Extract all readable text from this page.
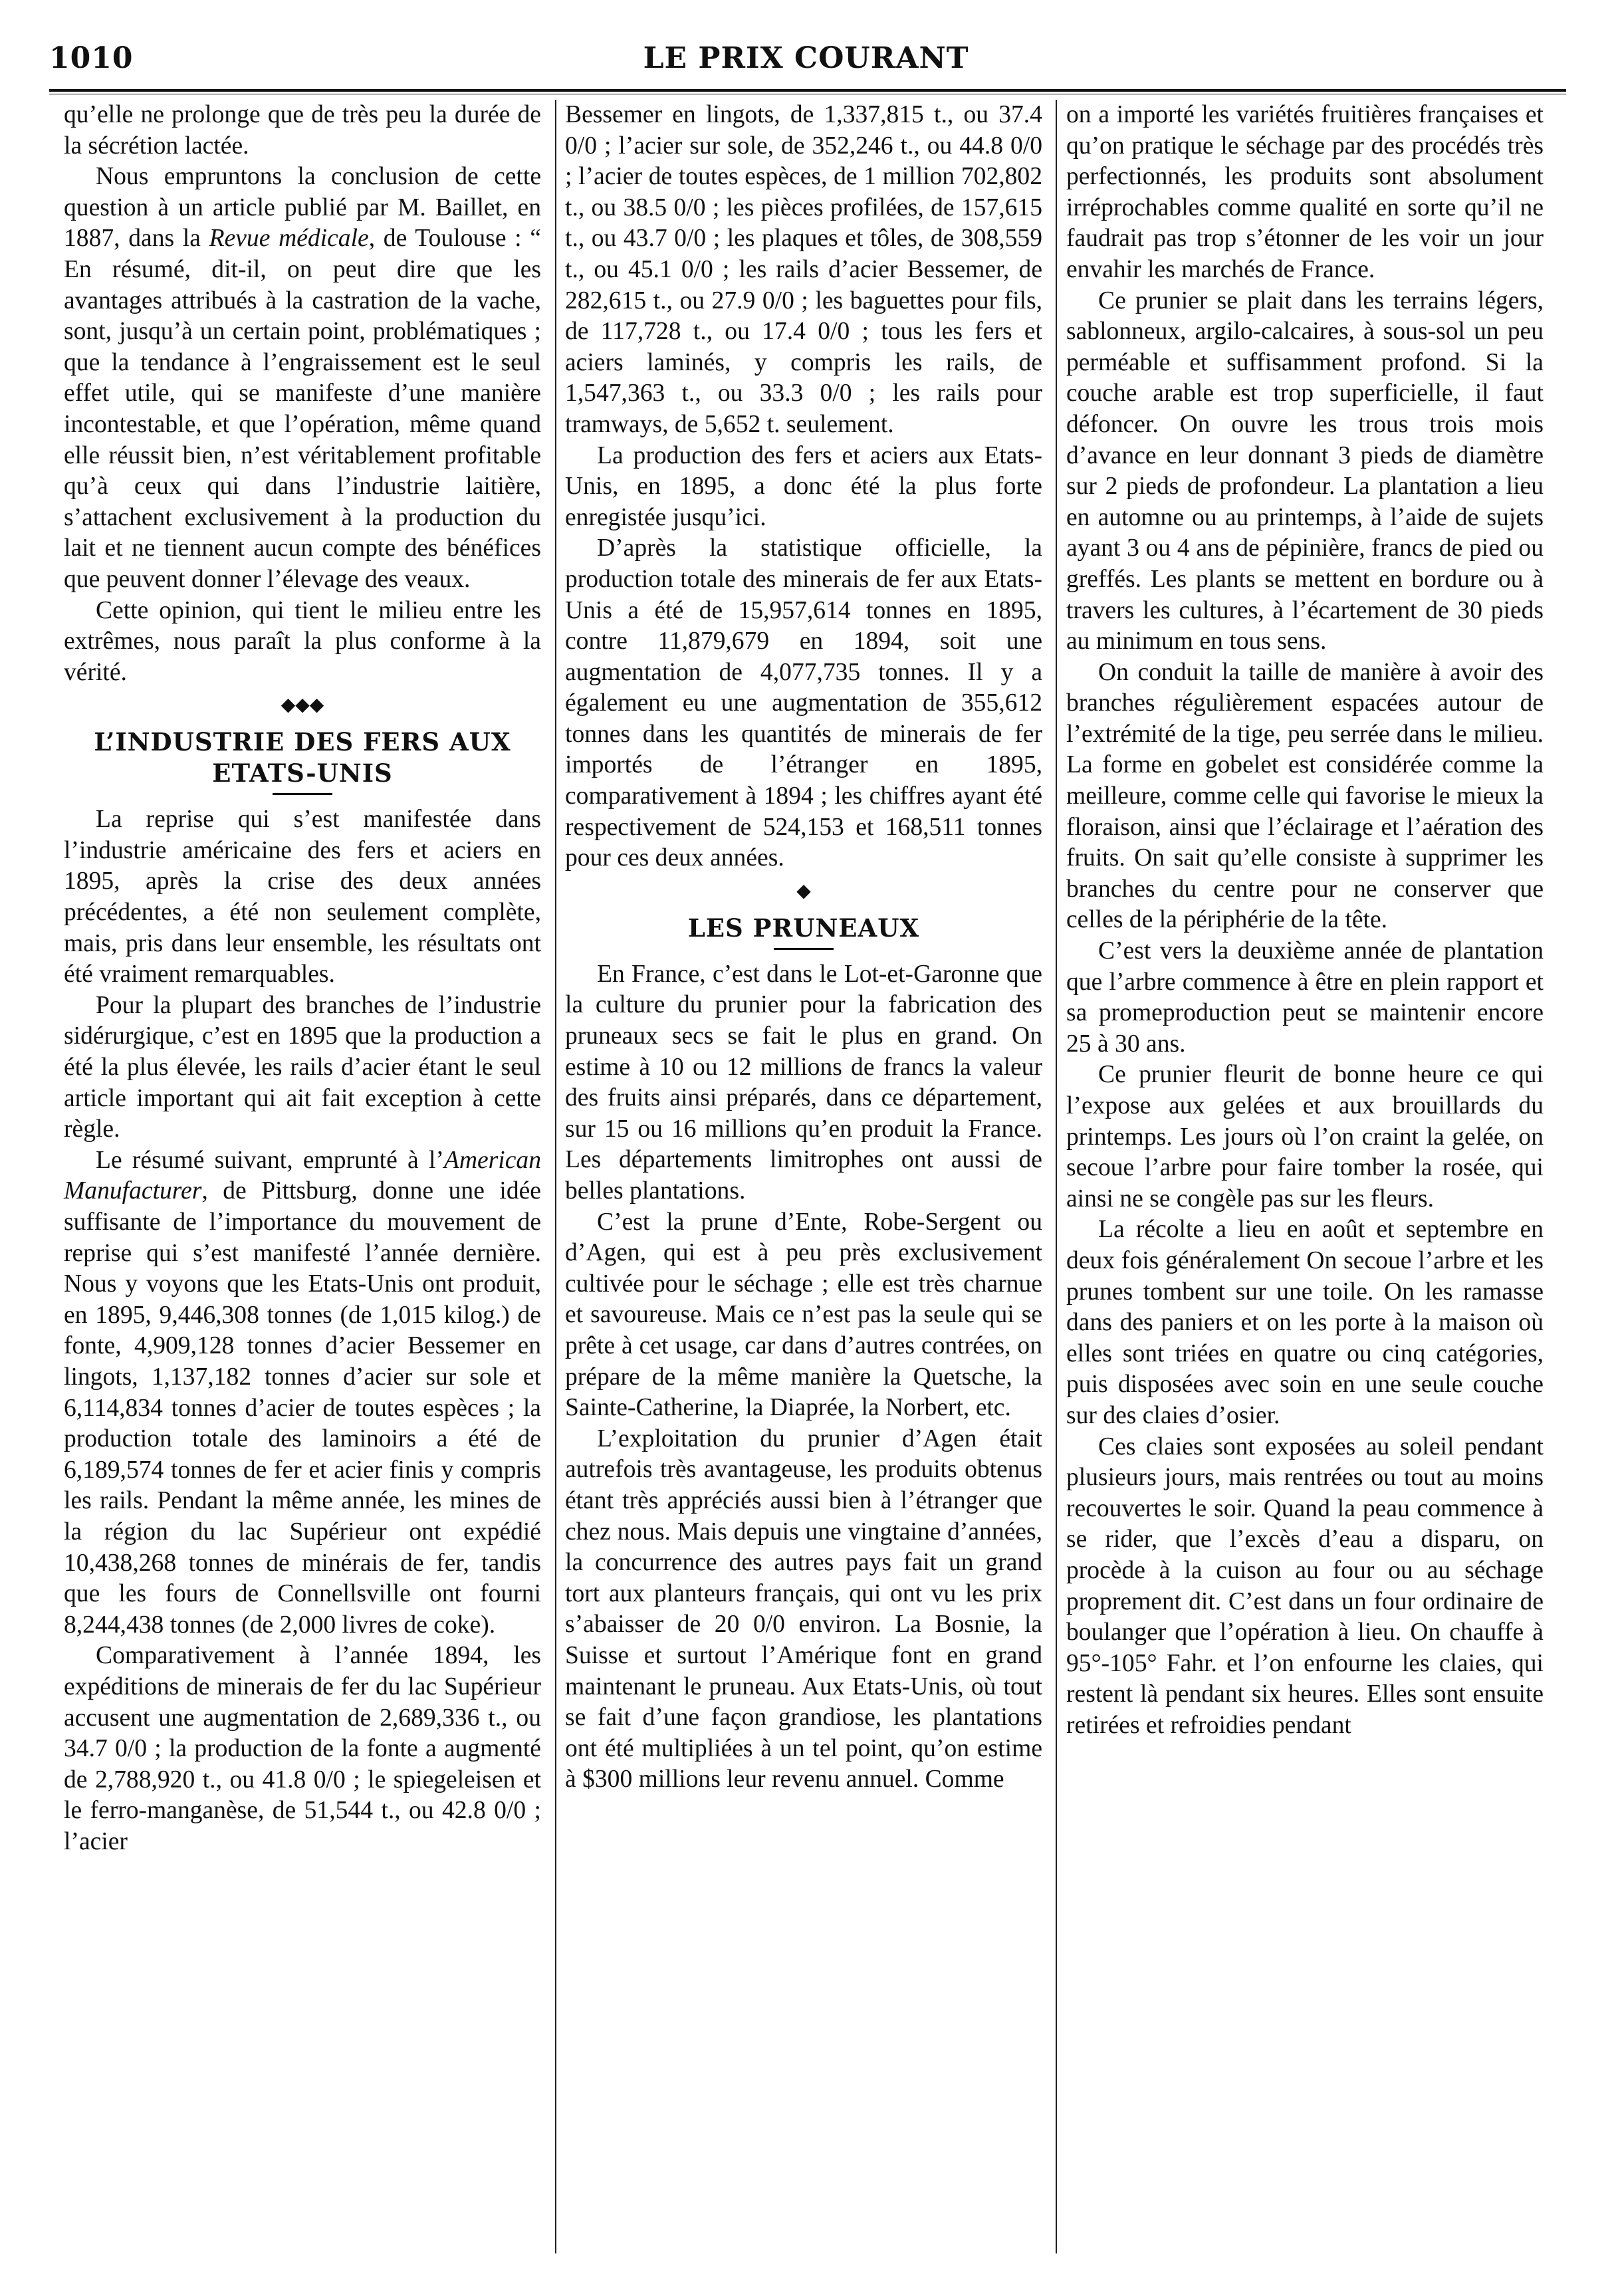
1010	LE PRIX COURANT

qu’elle ne prolonge que de très peu la durée de la sécrétion lactée.

Nous empruntons la conclusion de cette question à un article publié par M. Baillet, en 1887, dans la Revue médicale, de Toulouse : “ En résumé, dit-il, on peut dire que les avantages attribués à la castration de la vache, sont, jusqu’à un certain point, problématiques ; que la tendance à l’engraissement est le seul effet utile, qui se manifeste d’une manière incontestable, et que l’opération, même quand elle réussit bien, n’est véritablement profitable qu’à ceux qui dans l’industrie laitière, s’attachent exclusivement à la production du lait et ne tiennent aucun compte des bénéfices que peuvent donner l’élevage des veaux.

Cette opinion, qui tient le milieu entre les extrêmes, nous paraît la plus conforme à la vérité.

◆◆◆
L’INDUSTRIE DES FERS AUX ETATS-UNIS

La reprise qui s’est manifestée dans l’industrie américaine des fers et aciers en 1895, après la crise des deux années précédentes, a été non seulement complète, mais, pris dans leur ensemble, les résultats ont été vraiment remarquables.

Pour la plupart des branches de l’industrie sidérurgique, c’est en 1895 que la production a été la plus élevée, les rails d’acier étant le seul article important qui ait fait exception à cette règle.

Le résumé suivant, emprunté à l’American Manufacturer, de Pittsburg, donne une idée suffisante de l’importance du mouvement de reprise qui s’est manifesté l’année dernière. Nous y voyons que les Etats-Unis ont produit, en 1895, 9,446,308 tonnes (de 1,015 kilog.) de fonte, 4,909,128 tonnes d’acier Bessemer en lingots, 1,137,182 tonnes d’acier sur sole et 6,114,834 tonnes d’acier de toutes espèces ; la production totale des laminoirs a été de 6,189,574 tonnes de fer et acier finis y compris les rails. Pendant la même année, les mines de la région du lac Supérieur ont expédié 10,438,268 tonnes de minérais de fer, tandis que les fours de Connellsville ont fourni 8,244,438 tonnes (de 2,000 livres de coke).

Comparativement à l’année 1894, les expéditions de minerais de fer du lac Supérieur accusent une augmentation de 2,689,336 t., ou 34.7 0/0 ; la production de la fonte a augmenté de 2,788,920 t., ou 41.8 0/0 ; le spiegeleisen et le ferro-manganèse, de 51,544 t., ou 42.8 0/0 ; l’acier

Bessemer en lingots, de 1,337,815 t., ou 37.4 0/0 ; l’acier sur sole, de 352,246 t., ou 44.8 0/0 ; l’acier de toutes espèces, de 1 million 702,802 t., ou 38.5 0/0 ; les pièces profilées, de 157,615 t., ou 43.7 0/0 ; les plaques et tôles, de 308,559 t., ou 45.1 0/0 ; les rails d’acier Bessemer, de 282,615 t., ou 27.9 0/0 ; les baguettes pour fils, de 117,728 t., ou 17.4 0/0 ; tous les fers et aciers laminés, y compris les rails, de 1,547,363 t., ou 33.3 0/0 ; les rails pour tramways, de 5,652 t. seulement.

La production des fers et aciers aux Etats-Unis, en 1895, a donc été la plus forte enregistée jusqu’ici.

D’après la statistique officielle, la production totale des minerais de fer aux Etats-Unis a été de 15,957,614 tonnes en 1895, contre 11,879,679 en 1894, soit une augmentation de 4,077,735 tonnes. Il y a également eu une augmentation de 355,612 tonnes dans les quantités de minerais de fer importés de l’étranger en 1895, comparativement à 1894 ; les chiffres ayant été respectivement de 524,153 et 168,511 tonnes pour ces deux années.

◆
LES PRUNEAUX

En France, c’est dans le Lot-et-Garonne que la culture du prunier pour la fabrication des pruneaux secs se fait le plus en grand. On estime à 10 ou 12 millions de francs la valeur des fruits ainsi préparés, dans ce département, sur 15 ou 16 millions qu’en produit la France. Les départements limitrophes ont aussi de belles plantations.

C’est la prune d’Ente, Robe-Sergent ou d’Agen, qui est à peu près exclusivement cultivée pour le séchage ; elle est très charnue et savoureuse. Mais ce n’est pas la seule qui se prête à cet usage, car dans d’autres contrées, on prépare de la même manière la Quetsche, la Sainte-Catherine, la Diaprée, la Norbert, etc.

L’exploitation du prunier d’Agen était autrefois très avantageuse, les produits obtenus étant très appréciés aussi bien à l’étranger que chez nous. Mais depuis une vingtaine d’années, la concurrence des autres pays fait un grand tort aux planteurs français, qui ont vu les prix s’abaisser de 20 0/0 environ. La Bosnie, la Suisse et surtout l’Amérique font en grand maintenant le pruneau. Aux Etats-Unis, où tout se fait d’une façon grandiose, les plantations ont été multipliées à un tel point, qu’on estime à $300 millions leur revenu annuel. Comme

on a importé les variétés fruitières françaises et qu’on pratique le séchage par des procédés très perfectionnés, les produits sont absolument irréprochables comme qualité en sorte qu’il ne faudrait pas trop s’étonner de les voir un jour envahir les marchés de France.

Ce prunier se plait dans les terrains légers, sablonneux, argilo-calcaires, à sous-sol un peu perméable et suffisamment profond. Si la couche arable est trop superficielle, il faut défoncer. On ouvre les trous trois mois d’avance en leur donnant 3 pieds de diamètre sur 2 pieds de profondeur. La plantation a lieu en automne ou au printemps, à l’aide de sujets ayant 3 ou 4 ans de pépinière, francs de pied ou greffés. Les plants se mettent en bordure ou à travers les cultures, à l’écartement de 30 pieds au minimum en tous sens.

On conduit la taille de manière à avoir des branches régulièrement espacées autour de l’extrémité de la tige, peu serrée dans le milieu. La forme en gobelet est considérée comme la meilleure, comme celle qui favorise le mieux la floraison, ainsi que l’éclairage et l’aération des fruits. On sait qu’elle consiste à supprimer les branches du centre pour ne conserver que celles de la périphérie de la tête.

C’est vers la deuxième année de plantation que l’arbre commence à être en plein rapport et sa promeproduction peut se maintenir encore 25 à 30 ans.

Ce prunier fleurit de bonne heure ce qui l’expose aux gelées et aux brouillards du printemps. Les jours où l’on craint la gelée, on secoue l’arbre pour faire tomber la rosée, qui ainsi ne se congèle pas sur les fleurs.

La récolte a lieu en août et septembre en deux fois généralement On secoue l’arbre et les prunes tombent sur une toile. On les ramasse dans des paniers et on les porte à la maison où elles sont triées en quatre ou cinq catégories, puis disposées avec soin en une seule couche sur des claies d’osier.

Ces claies sont exposées au soleil pendant plusieurs jours, mais rentrées ou tout au moins recouvertes le soir. Quand la peau commence à se rider, que l’excès d’eau a disparu, on procède à la cuison au four ou au séchage proprement dit. C’est dans un four ordinaire de boulanger que l’opération à lieu. On chauffe à 95°-105° Fahr. et l’on enfourne les claies, qui restent là pendant six heures. Elles sont ensuite retirées et refroidies pendant
